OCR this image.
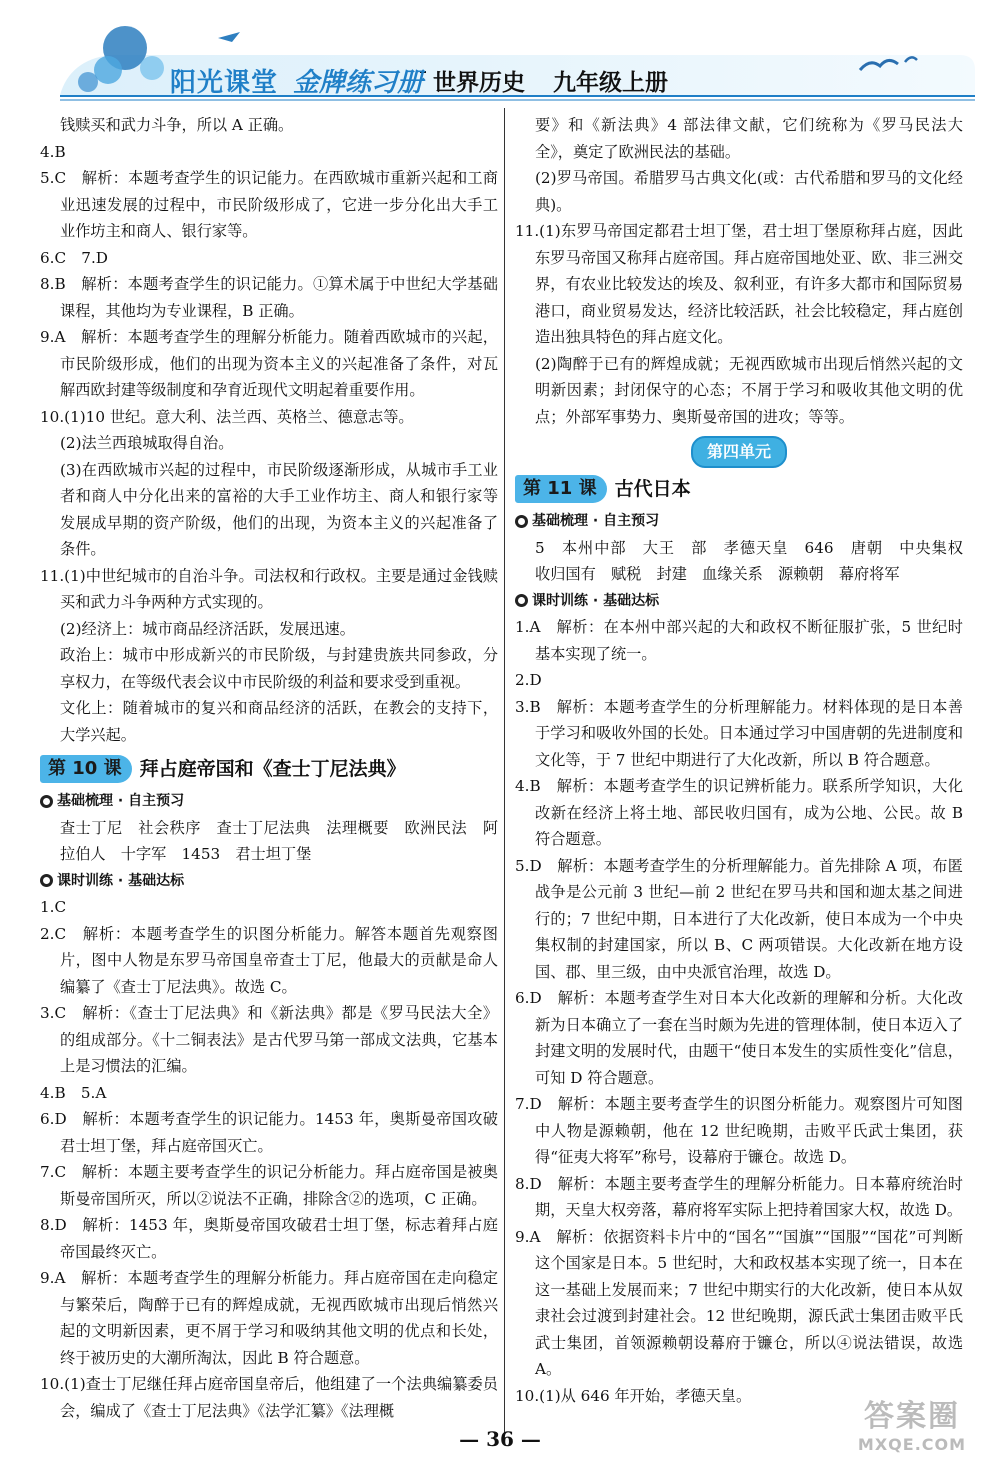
阳光课堂 金牌练习册 世界历史 九年级上册

钱赎买和武力斗争，所以 A 正确。

4.B

5.C　解析：本题考查学生的识记能力。在西欧城市重新兴起和工商业迅速发展的过程中，市民阶级形成了，它进一步分化出大手工业作坊主和商人、银行家等。

6.C　7.D

8.B　解析：本题考查学生的识记能力。①算术属于中世纪大学基础课程，其他均为专业课程，B 正确。

9.A　解析：本题考查学生的理解分析能力。随着西欧城市的兴起，市民阶级形成，他们的出现为资本主义的兴起准备了条件，对瓦解西欧封建等级制度和孕育近现代文明起着重要作用。

10.(1)10 世纪。意大利、法兰西、英格兰、德意志等。

(2)法兰西琅城取得自治。

(3)在西欧城市兴起的过程中，市民阶级逐渐形成，从城市手工业者和商人中分化出来的富裕的大手工业作坊主、商人和银行家等发展成早期的资产阶级，他们的出现，为资本主义的兴起准备了条件。

11.(1)中世纪城市的自治斗争。司法权和行政权。主要是通过金钱赎买和武力斗争两种方式实现的。

(2)经济上：城市商品经济活跃，发展迅速。

政治上：城市中形成新兴的市民阶级，与封建贵族共同参政，分享权力，在等级代表会议中市民阶级的利益和要求受到重视。

文化上：随着城市的复兴和商品经济的活跃，在教会的支持下，大学兴起。

第 10 课 拜占庭帝国和《查士丁尼法典》
基础梳理 · 自主预习

查士丁尼　社会秩序　查士丁尼法典　法理概要　欧洲民法　阿拉伯人　十字军　1453　君士坦丁堡

课时训练 · 基础达标

1.C

2.C　解析：本题考查学生的识图分析能力。解答本题首先观察图片，图中人物是东罗马帝国皇帝查士丁尼，他最大的贡献是命人编纂了《查士丁尼法典》。故选 C。

3.C　解析：《查士丁尼法典》和《新法典》都是《罗马民法大全》的组成部分。《十二铜表法》是古代罗马第一部成文法典，它基本上是习惯法的汇编。

4.B　5.A

6.D　解析：本题考查学生的识记能力。1453 年，奥斯曼帝国攻破君士坦丁堡，拜占庭帝国灭亡。

7.C　解析：本题主要考查学生的识记分析能力。拜占庭帝国是被奥斯曼帝国所灭，所以②说法不正确，排除含②的选项，C 正确。

8.D　解析：1453 年，奥斯曼帝国攻破君士坦丁堡，标志着拜占庭帝国最终灭亡。

9.A　解析：本题考查学生的理解分析能力。拜占庭帝国在走向稳定与繁荣后，陶醉于已有的辉煌成就，无视西欧城市出现后悄然兴起的文明新因素，更不屑于学习和吸纳其他文明的优点和长处，终于被历史的大潮所淘汰，因此 B 符合题意。

10.(1)查士丁尼继任拜占庭帝国皇帝后，他组建了一个法典编纂委员会，编成了《查士丁尼法典》《法学汇纂》《法理概

要》和《新法典》4 部法律文献，它们统称为《罗马民法大全》，奠定了欧洲民法的基础。

(2)罗马帝国。希腊罗马古典文化(或：古代希腊和罗马的文化经典)。

11.(1)东罗马帝国定都君士坦丁堡，君士坦丁堡原称拜占庭，因此东罗马帝国又称拜占庭帝国。拜占庭帝国地处亚、欧、非三洲交界，有农业比较发达的埃及、叙利亚，有许多大都市和国际贸易港口，商业贸易发达，经济比较活跃，社会比较稳定，拜占庭创造出独具特色的拜占庭文化。

(2)陶醉于已有的辉煌成就；无视西欧城市出现后悄然兴起的文明新因素；封闭保守的心态；不屑于学习和吸收其他文明的优点；外部军事势力、奥斯曼帝国的进攻；等等。

第四单元
第 11 课 古代日本
基础梳理 · 自主预习

5　本州中部　大王　部　孝德天皇　646　唐朝　中央集权　收归国有　赋税　封建　血缘关系　源赖朝　幕府将军

课时训练 · 基础达标

1.A　解析：在本州中部兴起的大和政权不断征服扩张，5 世纪时基本实现了统一。

2.D

3.B　解析：本题考查学生的分析理解能力。材料体现的是日本善于学习和吸收外国的长处。日本通过学习中国唐朝的先进制度和文化等，于 7 世纪中期进行了大化改新，所以 B 符合题意。

4.B　解析：本题考查学生的识记辨析能力。联系所学知识，大化改新在经济上将土地、部民收归国有，成为公地、公民。故 B 符合题意。

5.D　解析：本题考查学生的分析理解能力。首先排除 A 项，布匿战争是公元前 3 世纪—前 2 世纪在罗马共和国和迦太基之间进行的；7 世纪中期，日本进行了大化改新，使日本成为一个中央集权制的封建国家，所以 B、C 两项错误。大化改新在地方设国、郡、里三级，由中央派官治理，故选 D。

6.D　解析：本题考查学生对日本大化改新的理解和分析。大化改新为日本确立了一套在当时颇为先进的管理体制，使日本迈入了封建文明的发展时代，由题干“使日本发生的实质性变化”信息，可知 D 符合题意。

7.D　解析：本题主要考查学生的识图分析能力。观察图片可知图中人物是源赖朝，他在 12 世纪晚期，击败平氏武士集团，获得“征夷大将军”称号，设幕府于镰仓。故选 D。

8.D　解析：本题主要考查学生的理解分析能力。日本幕府统治时期，天皇大权旁落，幕府将军实际上把持着国家大权，故选 D。

9.A　解析：依据资料卡片中的“国名”“国旗”“国服”“国花”可判断这个国家是日本。5 世纪时，大和政权基本实现了统一，日本在这一基础上发展而来；7 世纪中期实行的大化改新，使日本从奴隶社会过渡到封建社会。12 世纪晚期，源氏武士集团击败平氏武士集团，首领源赖朝设幕府于镰仓，所以④说法错误，故选 A。

10.(1)从 646 年开始，孝德天皇。

— 36 —
答案圈
MXQE.COM
